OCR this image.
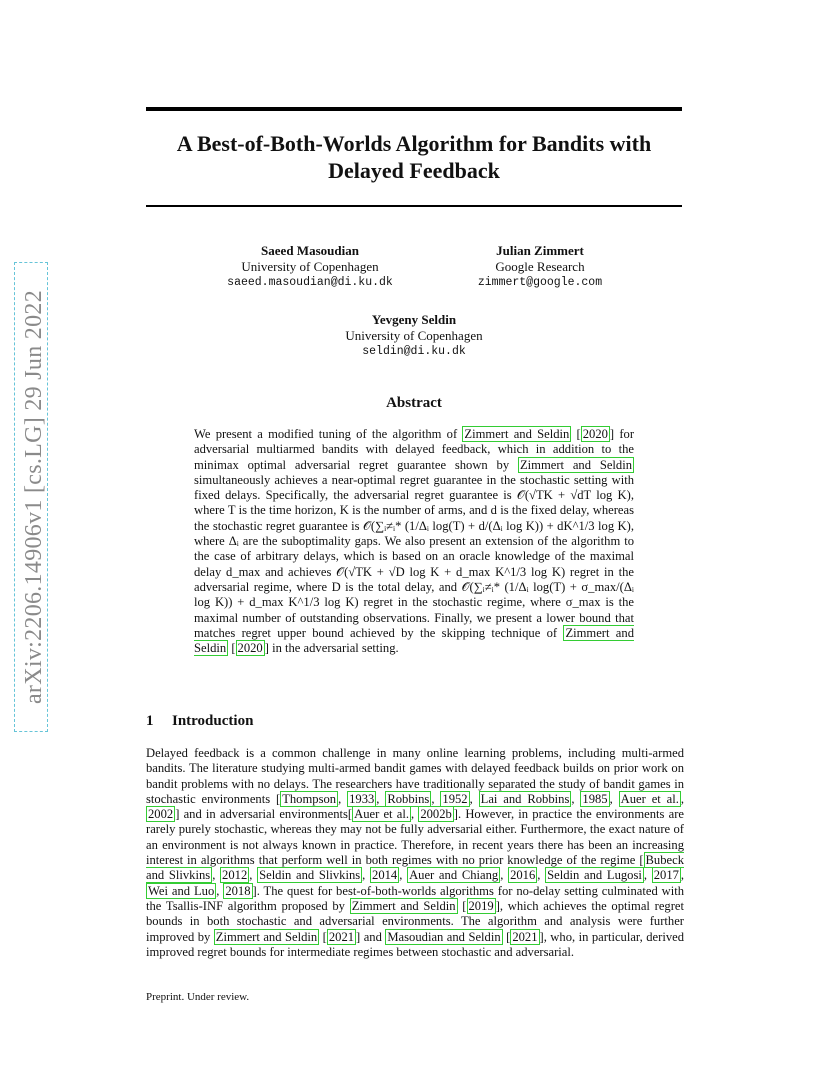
arXiv:2206.14906v1 [cs.LG] 29 Jun 2022
A Best-of-Both-Worlds Algorithm for Bandits with Delayed Feedback
Saeed Masoudian
University of Copenhagen
saeed.masoudian@di.ku.dk
Julian Zimmert
Google Research
zimmert@google.com
Yevgeny Seldin
University of Copenhagen
seldin@di.ku.dk
Abstract
We present a modified tuning of the algorithm of Zimmert and Seldin [ 2020 ] for adversarial multiarmed bandits with delayed feedback, which in addition to the minimax optimal adversarial regret guarantee shown by Zimmert and Seldin simultaneously achieves a near-optimal regret guarantee in the stochastic setting with fixed delays. Specifically, the adversarial regret guarantee is 𝒪(√TK + √dT log K), where T is the time horizon, K is the number of arms, and d is the fixed delay, whereas the stochastic regret guarantee is 𝒪(∑ᵢ≠ᵢ* (1/Δᵢ log(T) + d/(Δᵢ log K)) + dK^1/3 log K), where Δᵢ are the suboptimality gaps. We also present an extension of the algorithm to the case of arbitrary delays, which is based on an oracle knowledge of the maximal delay d_max and achieves 𝒪(√TK + √D log K + d_max K^1/3 log K) regret in the adversarial regime, where D is the total delay, and 𝒪(∑ᵢ≠ᵢ* (1/Δᵢ log(T) + σ_max/(Δᵢ log K)) + d_max K^1/3 log K) regret in the stochastic regime, where σ_max is the maximal number of outstanding observations. Finally, we present a lower bound that matches regret upper bound achieved by the skipping technique of Zimmert and Seldin [ 2020 ] in the adversarial setting.
1 Introduction
Delayed feedback is a common challenge in many online learning problems, including multi-armed bandits. The literature studying multi-armed bandit games with delayed feedback builds on prior work on bandit problems with no delays. The researchers have traditionally separated the study of bandit games in stochastic environments [ Thompson , 1933 , Robbins , 1952 , Lai and Robbins , 1985 , Auer et al. , 2002 ] and in adversarial environments[ Auer et al. , 2002b ]. However, in practice the environments are rarely purely stochastic, whereas they may not be fully adversarial either. Furthermore, the exact nature of an environment is not always known in practice. Therefore, in recent years there has been an increasing interest in algorithms that perform well in both regimes with no prior knowledge of the regime [ Bubeck and Slivkins , 2012 , Seldin and Slivkins , 2014 , Auer and Chiang , 2016 , Seldin and Lugosi , 2017 , Wei and Luo , 2018 ]. The quest for best-of-both-worlds algorithms for no-delay setting culminated with the Tsallis-INF algorithm proposed by Zimmert and Seldin [ 2019 ], which achieves the optimal regret bounds in both stochastic and adversarial environments. The algorithm and analysis were further improved by Zimmert and Seldin [ 2021 ] and Masoudian and Seldin [ 2021 ], who, in particular, derived improved regret bounds for intermediate regimes between stochastic and adversarial.
Preprint. Under review.
